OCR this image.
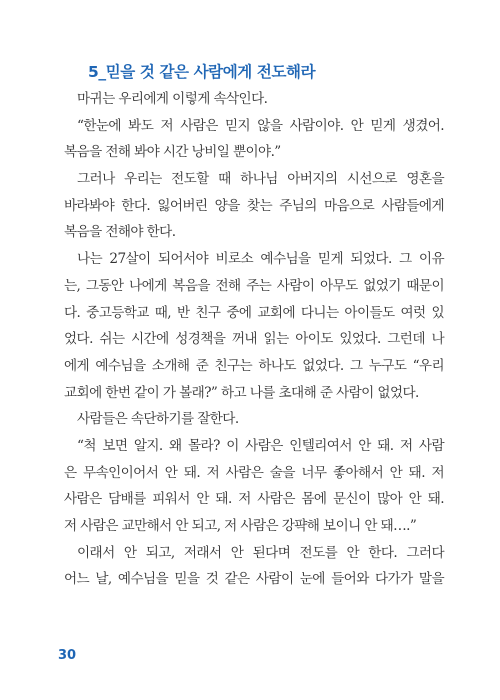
5_믿을 것 같은 사람에게 전도해라
마귀는 우리에게 이렇게 속삭인다.
“한눈에 봐도 저 사람은 믿지 않을 사람이야. 안 믿게 생겼어.
복음을 전해 봐야 시간 낭비일 뿐이야.”
그러나 우리는 전도할 때 하나님 아버지의 시선으로 영혼을
바라봐야 한다. 잃어버린 양을 찾는 주님의 마음으로 사람들에게
복음을 전해야 한다.
나는 27살이 되어서야 비로소 예수님을 믿게 되었다. 그 이유
는, 그동안 나에게 복음을 전해 주는 사람이 아무도 없었기 때문이
다. 중고등학교 때, 반 친구 중에 교회에 다니는 아이들도 여럿 있
었다. 쉬는 시간에 성경책을 꺼내 읽는 아이도 있었다. 그런데 나
에게 예수님을 소개해 준 친구는 하나도 없었다. 그 누구도 “우리
교회에 한번 같이 가 볼래?” 하고 나를 초대해 준 사람이 없었다.
사람들은 속단하기를 잘한다.
“척 보면 알지. 왜 몰라? 이 사람은 인텔리여서 안 돼. 저 사람
은 무속인이어서 안 돼. 저 사람은 술을 너무 좋아해서 안 돼. 저
사람은 담배를 피워서 안 돼. 저 사람은 몸에 문신이 많아 안 돼.
저 사람은 교만해서 안 되고, 저 사람은 강퍅해 보이니 안 돼….”
이래서 안 되고, 저래서 안 된다며 전도를 안 한다. 그러다
어느 날, 예수님을 믿을 것 같은 사람이 눈에 들어와 다가가 말을
30
